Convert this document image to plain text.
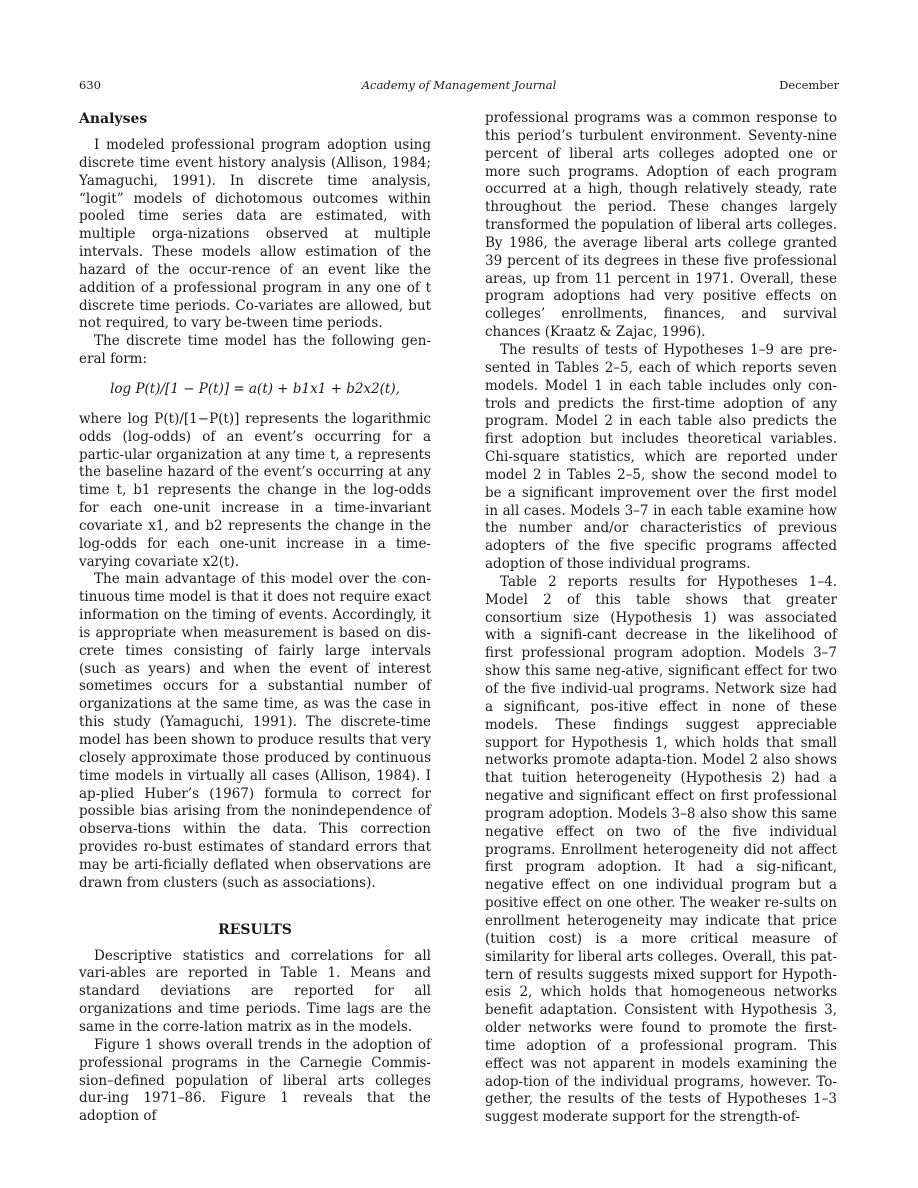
630	Academy of Management Journal	December
Analyses

I modeled professional program adoption using discrete time event history analysis (Allison, 1984; Yamaguchi, 1991). In discrete time analysis, “logit” models of dichotomous outcomes within pooled time series data are estimated, with multiple orga-nizations observed at multiple intervals. These models allow estimation of the hazard of the occur-rence of an event like the addition of a professional program in any one of t discrete time periods. Co-variates are allowed, but not required, to vary be-tween time periods.

The discrete time model has the following gen-eral form:

log P(t)/[1 − P(t)] = a(t) + b1x1 + b2x2(t),

where log P(t)/[1−P(t)] represents the logarithmic odds (log-odds) of an event’s occurring for a partic-ular organization at any time t, a represents the baseline hazard of the event’s occurring at any time t, b1 represents the change in the log-odds for each one-unit increase in a time-invariant covariate x1, and b2 represents the change in the log-odds for each one-unit increase in a time-varying covariate x2(t).

The main advantage of this model over the con-tinuous time model is that it does not require exact information on the timing of events. Accordingly, it is appropriate when measurement is based on dis-crete times consisting of fairly large intervals (such as years) and when the event of interest sometimes occurs for a substantial number of organizations at the same time, as was the case in this study (Yamaguchi, 1991). The discrete-time model has been shown to produce results that very closely approximate those produced by continuous time models in virtually all cases (Allison, 1984). I ap-plied Huber’s (1967) formula to correct for possible bias arising from the nonindependence of observa-tions within the data. This correction provides ro-bust estimates of standard errors that may be arti-ficially deflated when observations are drawn from clusters (such as associations).

RESULTS

Descriptive statistics and correlations for all vari-ables are reported in Table 1. Means and standard deviations are reported for all organizations and time periods. Time lags are the same in the corre-lation matrix as in the models.

Figure 1 shows overall trends in the adoption of professional programs in the Carnegie Commis-sion–defined population of liberal arts colleges dur-ing 1971–86. Figure 1 reveals that the adoption of

professional programs was a common response to this period’s turbulent environment. Seventy-nine percent of liberal arts colleges adopted one or more such programs. Adoption of each program occurred at a high, though relatively steady, rate throughout the period. These changes largely transformed the population of liberal arts colleges. By 1986, the average liberal arts college granted 39 percent of its degrees in these five professional areas, up from 11 percent in 1971. Overall, these program adoptions had very positive effects on colleges’ enrollments, finances, and survival chances (Kraatz & Zajac, 1996).

The results of tests of Hypotheses 1–9 are pre-sented in Tables 2–5, each of which reports seven models. Model 1 in each table includes only con-trols and predicts the first-time adoption of any program. Model 2 in each table also predicts the first adoption but includes theoretical variables. Chi-square statistics, which are reported under model 2 in Tables 2–5, show the second model to be a significant improvement over the first model in all cases. Models 3–7 in each table examine how the number and/or characteristics of previous adopters of the five specific programs affected adoption of those individual programs.

Table 2 reports results for Hypotheses 1–4. Model 2 of this table shows that greater consortium size (Hypothesis 1) was associated with a signifi-cant decrease in the likelihood of first professional program adoption. Models 3–7 show this same neg-ative, significant effect for two of the five individ-ual programs. Network size had a significant, pos-itive effect in none of these models. These findings suggest appreciable support for Hypothesis 1, which holds that small networks promote adapta-tion. Model 2 also shows that tuition heterogeneity (Hypothesis 2) had a negative and significant effect on first professional program adoption. Models 3–8 also show this same negative effect on two of the five individual programs. Enrollment heterogeneity did not affect first program adoption. It had a sig-nificant, negative effect on one individual program but a positive effect on one other. The weaker re-sults on enrollment heterogeneity may indicate that price (tuition cost) is a more critical measure of similarity for liberal arts colleges. Overall, this pat-tern of results suggests mixed support for Hypoth-esis 2, which holds that homogeneous networks benefit adaptation. Consistent with Hypothesis 3, older networks were found to promote the first-time adoption of a professional program. This effect was not apparent in models examining the adop-tion of the individual programs, however. To-gether, the results of the tests of Hypotheses 1–3 suggest moderate support for the strength-of-
